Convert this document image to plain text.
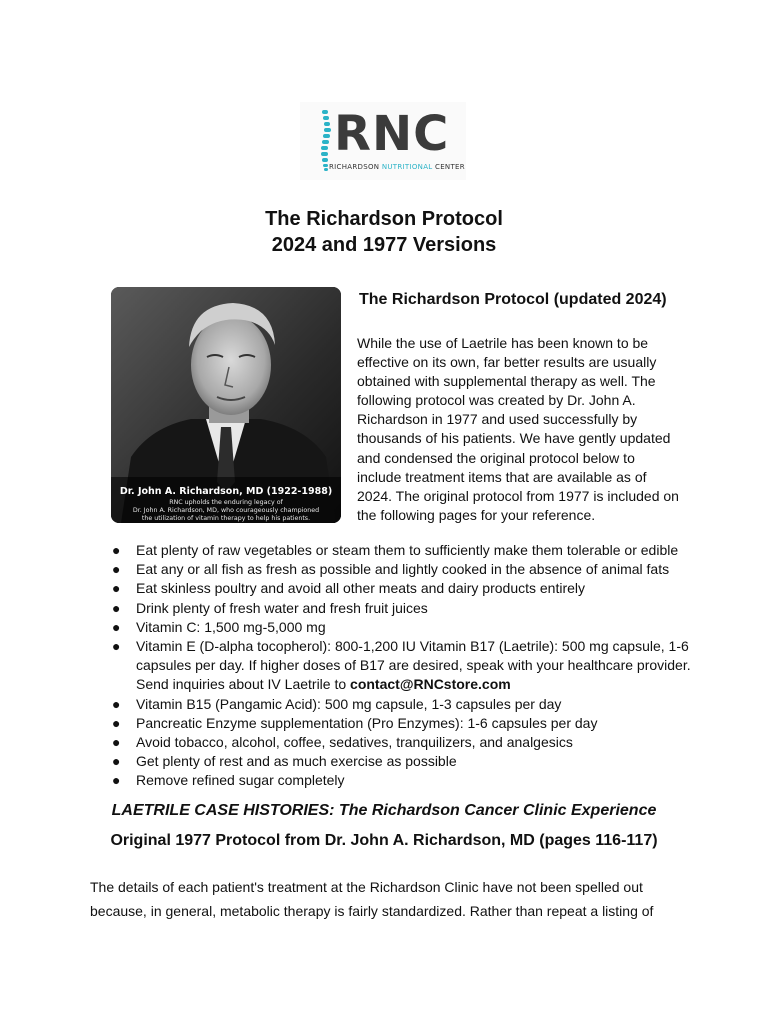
RNC
RICHARDSON NUTRITIONAL CENTER
The Richardson Protocol
2024 and 1977 Versions
Dr. John A. Richardson, MD (1922-1988)
RNC upholds the enduring legacy of
Dr. John A. Richardson, MD, who courageously championed
the utilization of vitamin therapy to help his patients.
The Richardson Protocol (updated 2024)
While the use of Laetrile has been known to be effective on its own, far better results are usually obtained with supplemental therapy as well. The following protocol was created by Dr. John A. Richardson in 1977 and used successfully by thousands of his patients. We have gently updated and condensed the original protocol below to include treatment items that are available as of 2024. The original protocol from 1977 is included on the following pages for your reference.
● Eat plenty of raw vegetables or steam them to sufficiently make them tolerable or edible
● Eat any or all fish as fresh as possible and lightly cooked in the absence of animal fats
● Eat skinless poultry and avoid all other meats and dairy products entirely
● Drink plenty of fresh water and fresh fruit juices
● Vitamin C: 1,500 mg-5,000 mg
● Vitamin E (D-alpha tocopherol): 800-1,200 IU Vitamin B17 (Laetrile): 500 mg capsule, 1-6 capsules per day. If higher doses of B17 are desired, speak with your healthcare provider. Send inquiries about IV Laetrile to contact@RNCstore.com
● Vitamin B15 (Pangamic Acid): 500 mg capsule, 1-3 capsules per day
● Pancreatic Enzyme supplementation (Pro Enzymes): 1-6 capsules per day
● Avoid tobacco, alcohol, coffee, sedatives, tranquilizers, and analgesics
● Get plenty of rest and as much exercise as possible
● Remove refined sugar completely
LAETRILE CASE HISTORIES: The Richardson Cancer Clinic Experience
Original 1977 Protocol from Dr. John A. Richardson, MD (pages 116-117)
The details of each patient's treatment at the Richardson Clinic have not been spelled out because, in general, metabolic therapy is fairly standardized. Rather than repeat a listing of
